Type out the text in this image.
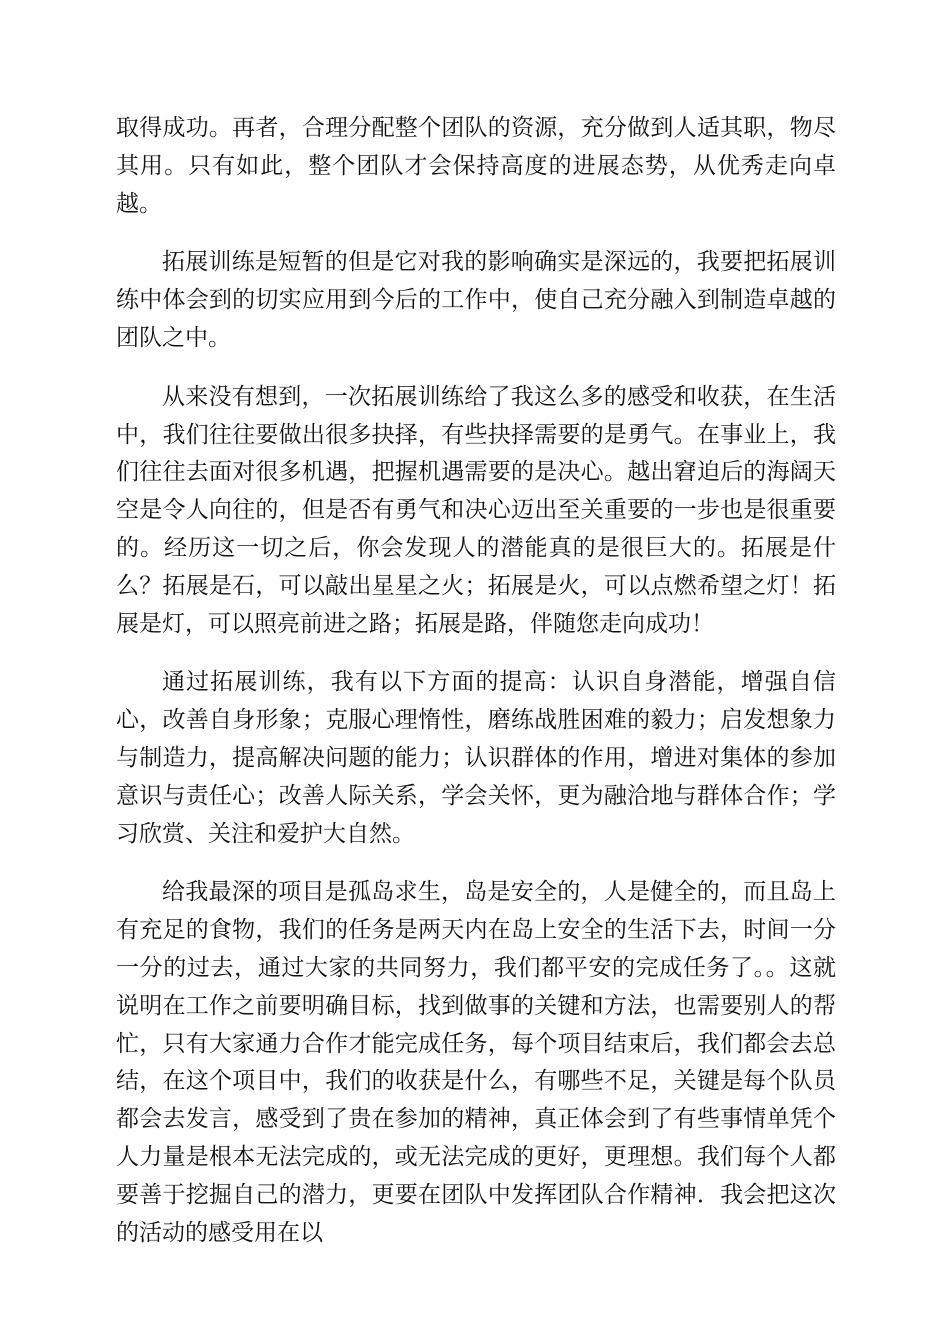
取得成功。再者，合理分配整个团队的资源，充分做到人适其职，物尽其用。只有如此，整个团队才会保持高度的进展态势，从优秀走向卓越。

拓展训练是短暂的但是它对我的影响确实是深远的，我要把拓展训练中体会到的切实应用到今后的工作中，使自己充分融入到制造卓越的团队之中。

从来没有想到，一次拓展训练给了我这么多的感受和收获，在生活中，我们往往要做出很多抉择，有些抉择需要的是勇气。在事业上，我们往往去面对很多机遇，把握机遇需要的是决心。越出窘迫后的海阔天空是令人向往的，但是否有勇气和决心迈出至关重要的一步也是很重要的。经历这一切之后，你会发现人的潜能真的是很巨大的。拓展是什么？拓展是石，可以敲出星星之火；拓展是火，可以点燃希望之灯！拓展是灯，可以照亮前进之路；拓展是路，伴随您走向成功！

通过拓展训练，我有以下方面的提高：认识自身潜能，增强自信心，改善自身形象；克服心理惰性，磨练战胜困难的毅力；启发想象力与制造力，提高解决问题的能力；认识群体的作用，增进对集体的参加意识与责任心；改善人际关系，学会关怀，更为融洽地与群体合作；学习欣赏、关注和爱护大自然。

给我最深的项目是孤岛求生，岛是安全的，人是健全的，而且岛上有充足的食物，我们的任务是两天内在岛上安全的生活下去，时间一分一分的过去，通过大家的共同努力，我们都平安的完成任务了。。这就说明在工作之前要明确目标，找到做事的关键和方法，也需要别人的帮忙，只有大家通力合作才能完成任务，每个项目结束后，我们都会去总结，在这个项目中，我们的收获是什么，有哪些不足，关键是每个队员都会去发言，感受到了贵在参加的精神，真正体会到了有些事情单凭个人力量是根本无法完成的，或无法完成的更好，更理想。我们每个人都要善于挖掘自己的潜力，更要在团队中发挥团队合作精神．我会把这次的活动的感受用在以
